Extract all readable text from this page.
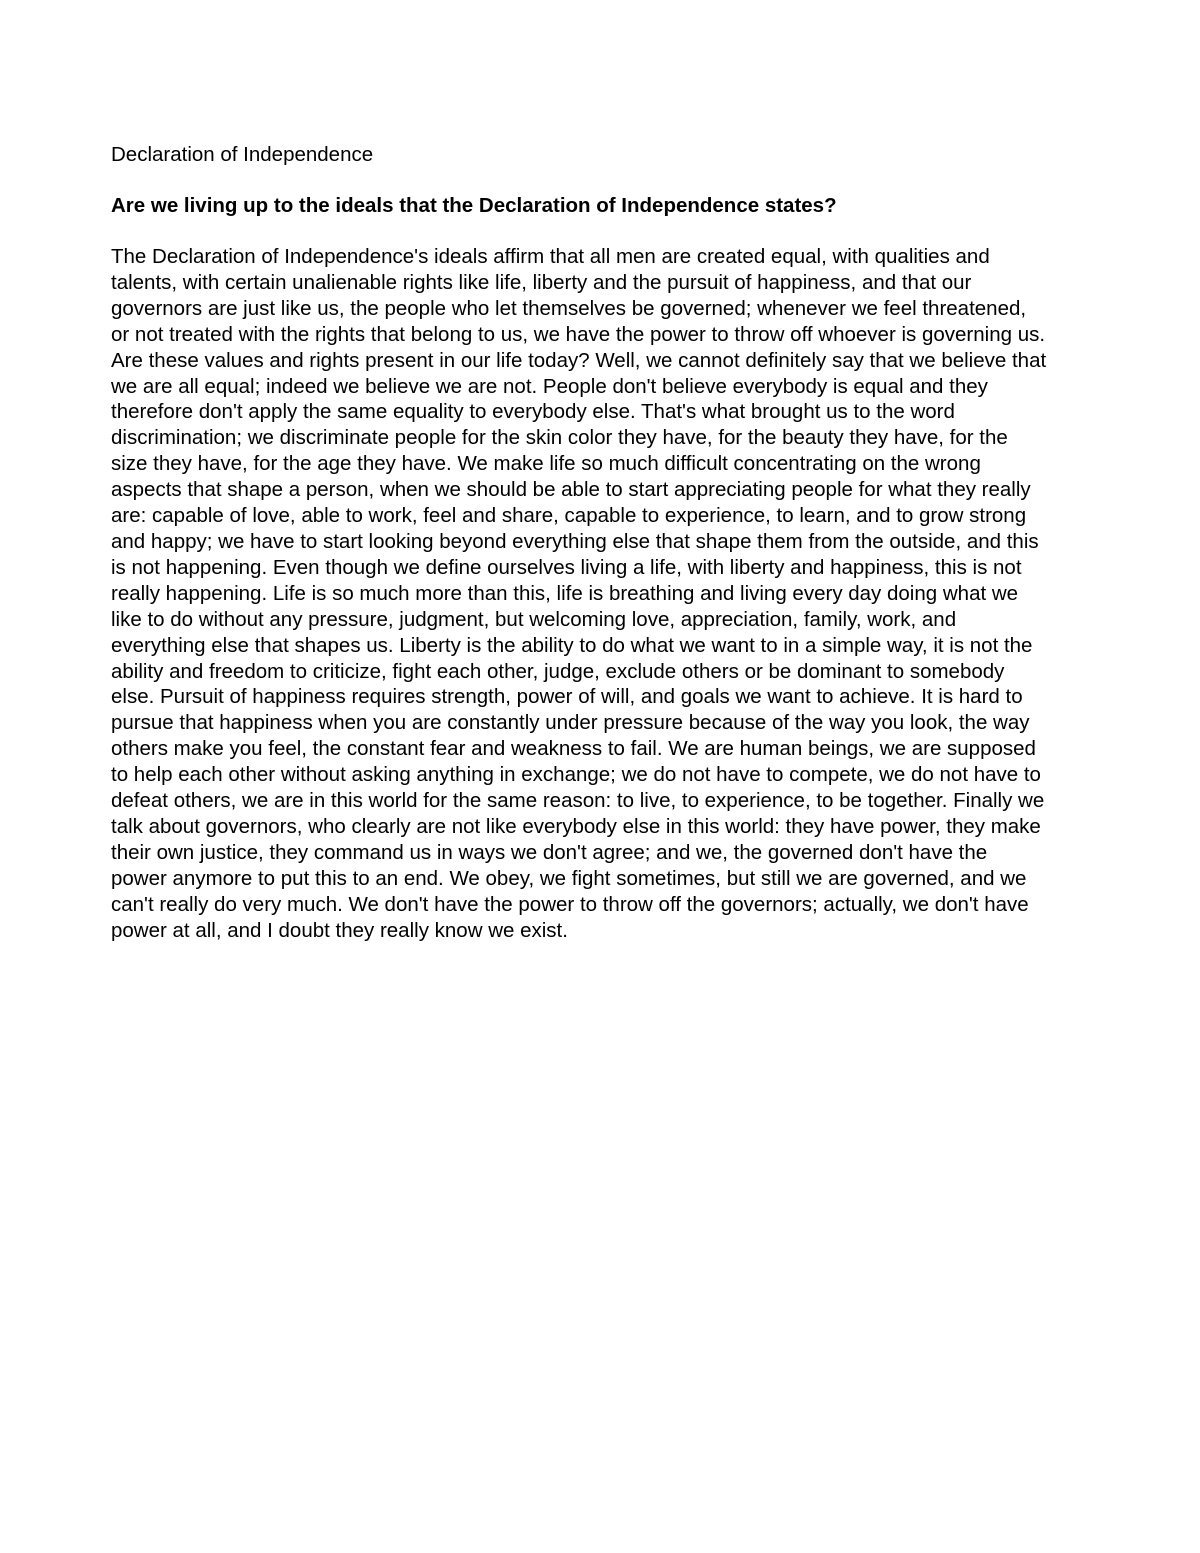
Declaration of Independence

Are we living up to the ideals that the Declaration of Independence states?

The Declaration of Independence's ideals affirm that all men are created equal, with qualities and
talents, with certain unalienable rights like life, liberty and the pursuit of happiness, and that our
governors are just like us, the people who let themselves be governed; whenever we feel threatened,
or not treated with the rights that belong to us, we have the power to throw off whoever is governing us.
Are these values and rights present in our life today? Well, we cannot definitely say that we believe that
we are all equal; indeed we believe we are not. People don't believe everybody is equal and they
therefore don't apply the same equality to everybody else. That's what brought us to the word
discrimination; we discriminate people for the skin color they have, for the beauty they have, for the
size they have, for the age they have. We make life so much difficult concentrating on the wrong
aspects that shape a person, when we should be able to start appreciating people for what they really
are: capable of love, able to work, feel and share, capable to experience, to learn, and to grow strong
and happy; we have to start looking beyond everything else that shape them from the outside, and this
is not happening. Even though we define ourselves living a life, with liberty and happiness, this is not
really happening. Life is so much more than this, life is breathing and living every day doing what we
like to do without any pressure, judgment, but welcoming love, appreciation, family, work, and
everything else that shapes us. Liberty is the ability to do what we want to in a simple way, it is not the
ability and freedom to criticize, fight each other, judge, exclude others or be dominant to somebody
else. Pursuit of happiness requires strength, power of will, and goals we want to achieve. It is hard to
pursue that happiness when you are constantly under pressure because of the way you look, the way
others make you feel, the constant fear and weakness to fail. We are human beings, we are supposed
to help each other without asking anything in exchange; we do not have to compete, we do not have to
defeat others, we are in this world for the same reason: to live, to experience, to be together. Finally we
talk about governors, who clearly are not like everybody else in this world: they have power, they make
their own justice, they command us in ways we don't agree; and we, the governed don't have the
power anymore to put this to an end. We obey, we fight sometimes, but still we are governed, and we
can't really do very much. We don't have the power to throw off the governors; actually, we don't have
power at all, and I doubt they really know we exist.
